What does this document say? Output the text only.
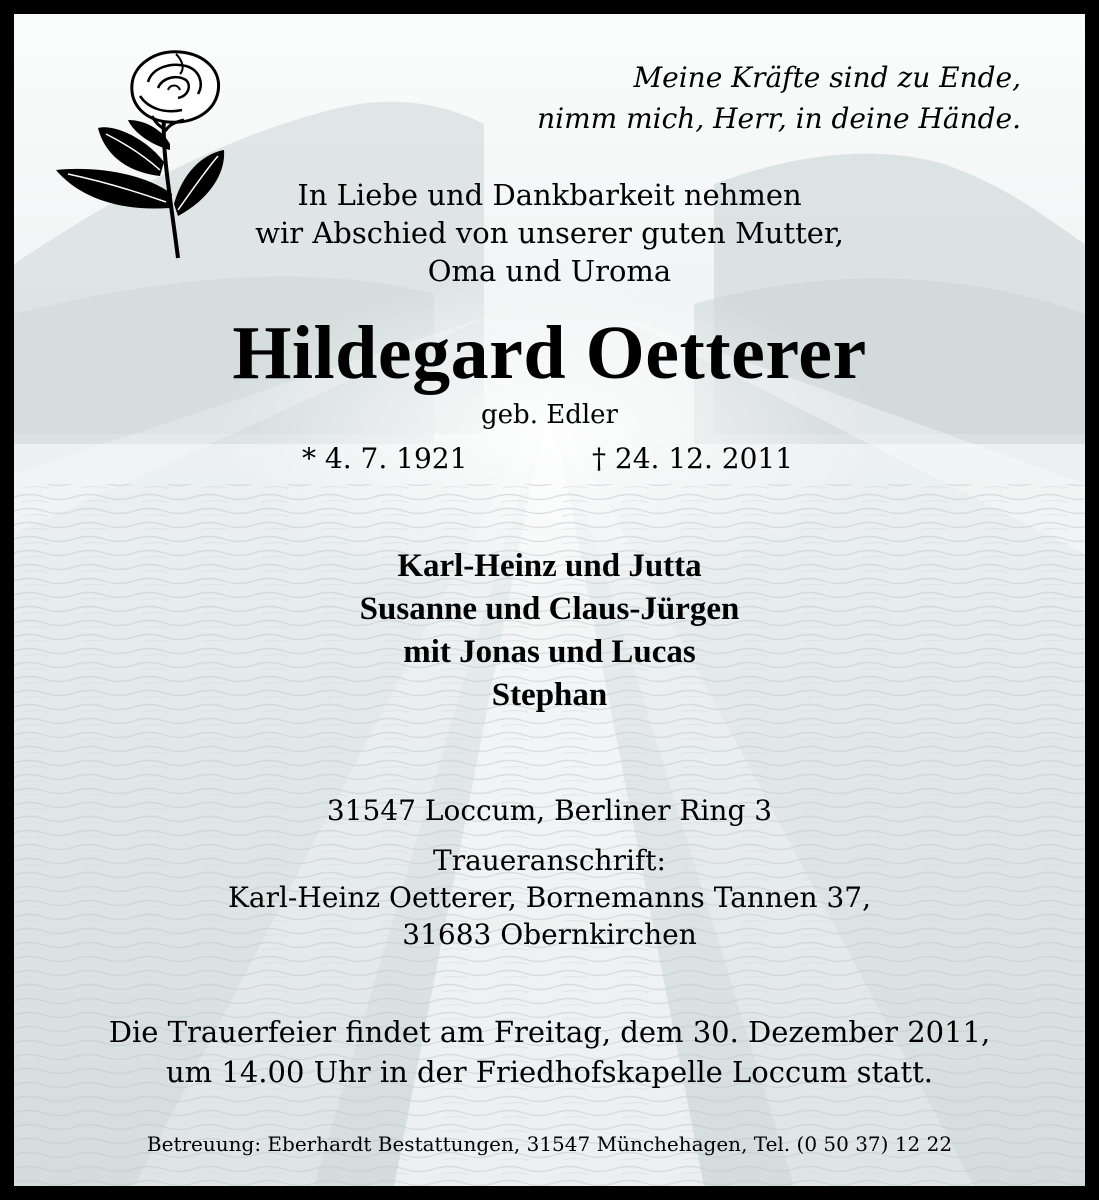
Meine Kräfte sind zu Ende,
nimm mich, Herr, in deine Hände.
In Liebe und Dankbarkeit nehmen
wir Abschied von unserer guten Mutter,
Oma und Uroma
Hildegard Oetterer
geb. Edler
* 4. 7. 1921	† 24. 12. 2011
Karl-Heinz und Jutta
Susanne und Claus-Jürgen
mit Jonas und Lucas
Stephan
31547 Loccum, Berliner Ring 3
Traueranschrift:
Karl-Heinz Oetterer, Bornemanns Tannen 37,
31683 Obernkirchen
Die Trauerfeier findet am Freitag, dem 30. Dezember 2011,
um 14.00 Uhr in der Friedhofskapelle Loccum statt.
Betreuung: Eberhardt Bestattungen, 31547 Münchehagen, Tel. (0 50 37) 12 22
